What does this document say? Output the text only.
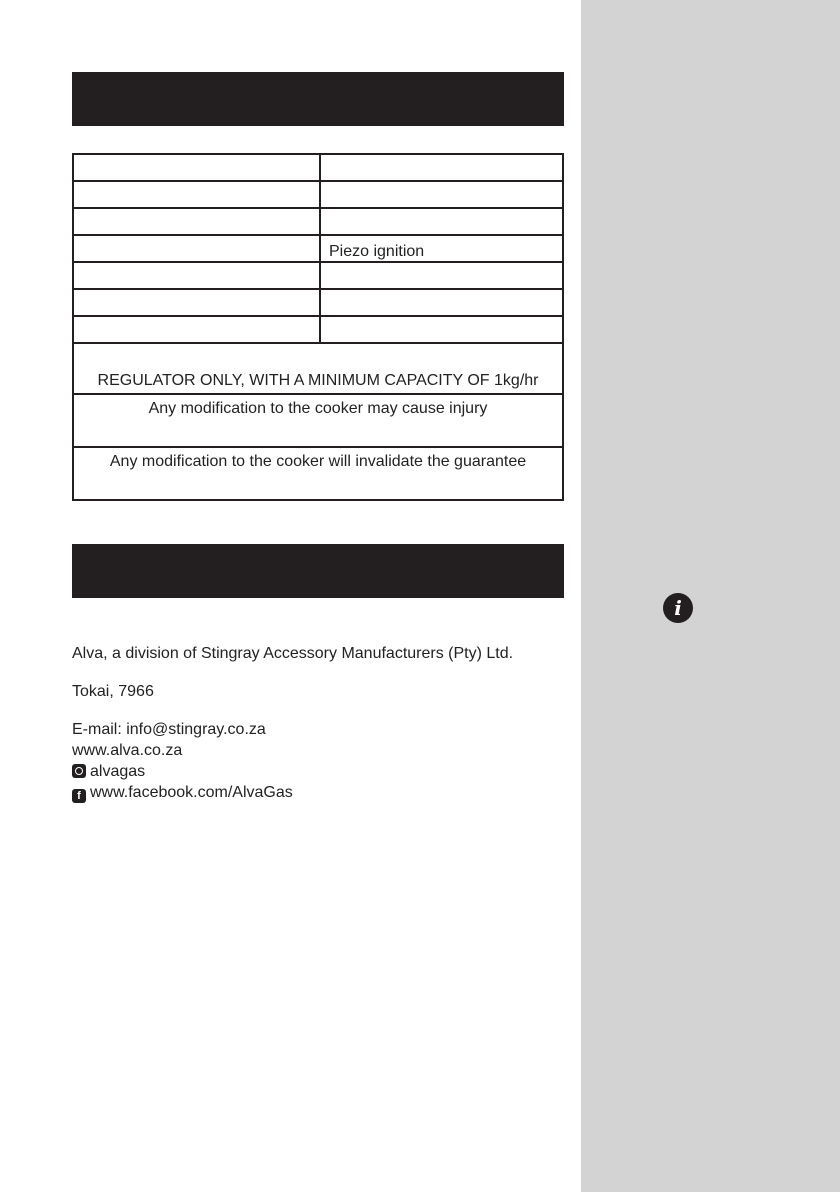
i

	Piezo ignition

REGULATOR ONLY, WITH A MINIMUM CAPACITY OF 1kg/hr	
Any modification to the cooker may cause injury	
Any modification to the cooker will invalidate the guarantee	
Alva, a division of Stingray Accessory Manufacturers (Pty) Ltd.
Tokai, 7966
E-mail: info@stingray.co.za
www.alva.co.za
alvagas
f www.facebook.com/AlvaGas
